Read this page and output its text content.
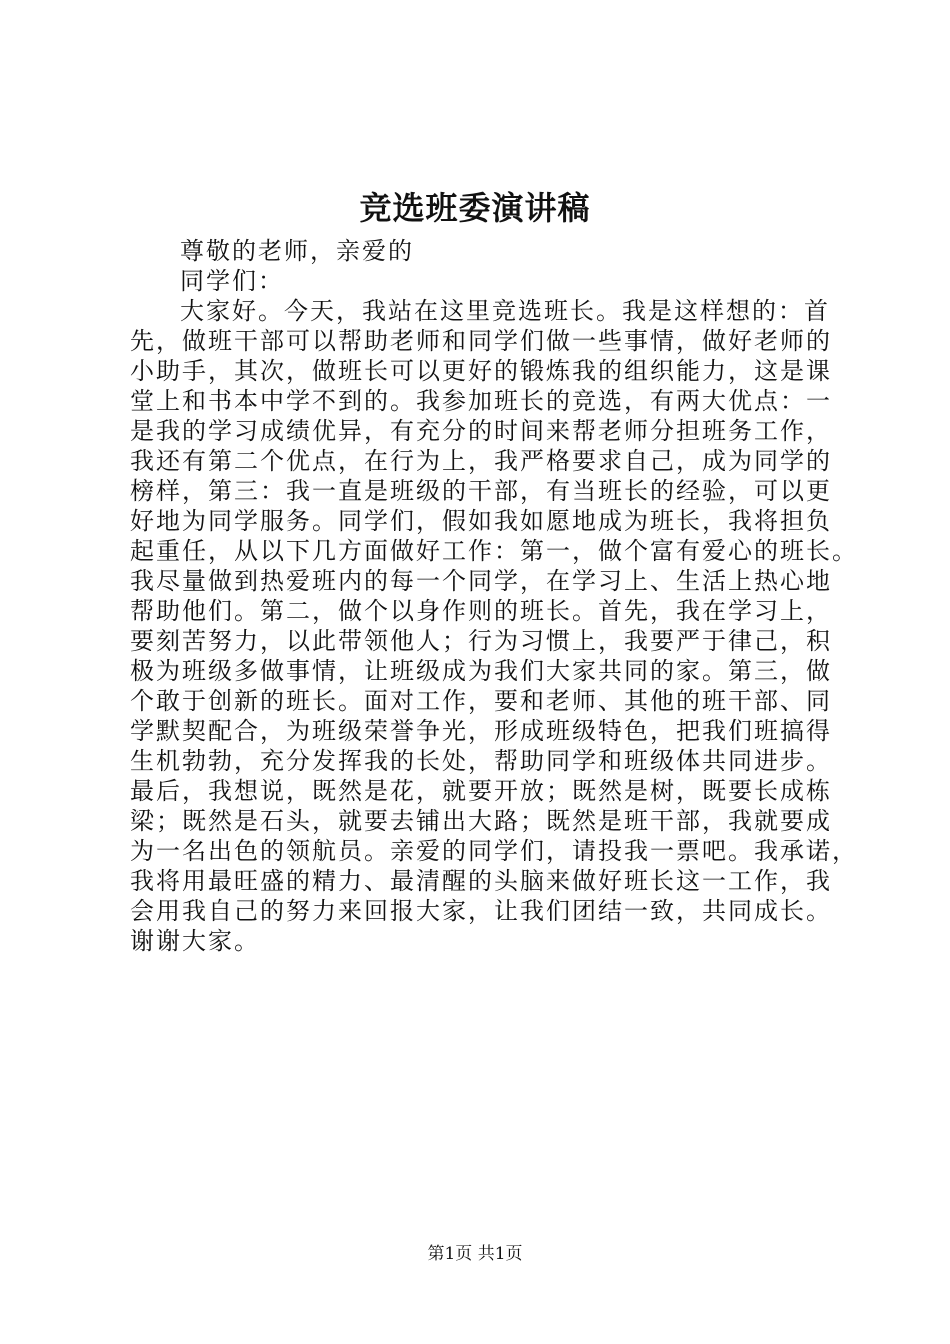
竞选班委演讲稿
尊敬的老师，亲爱的
同学们：
大家好。今天，我站在这里竞选班长。我是这样想的：首
先，做班干部可以帮助老师和同学们做一些事情，做好老师的
小助手，其次，做班长可以更好的锻炼我的组织能力，这是课
堂上和书本中学不到的。我参加班长的竞选，有两大优点：一
是我的学习成绩优异，有充分的时间来帮老师分担班务工作，
我还有第二个优点，在行为上，我严格要求自己，成为同学的
榜样，第三：我一直是班级的干部，有当班长的经验，可以更
好地为同学服务。同学们，假如我如愿地成为班长，我将担负
起重任，从以下几方面做好工作：第一，做个富有爱心的班长。
我尽量做到热爱班内的每一个同学，在学习上、生活上热心地
帮助他们。第二，做个以身作则的班长。首先，我在学习上，
要刻苦努力，以此带领他人；行为习惯上，我要严于律己，积
极为班级多做事情，让班级成为我们大家共同的家。第三，做
个敢于创新的班长。面对工作，要和老师、其他的班干部、同
学默契配合，为班级荣誉争光，形成班级特色，把我们班搞得
生机勃勃，充分发挥我的长处，帮助同学和班级体共同进步。
最后，我想说，既然是花，就要开放；既然是树，既要长成栋
梁；既然是石头，就要去铺出大路；既然是班干部，我就要成
为一名出色的领航员。亲爱的同学们，请投我一票吧。我承诺，
我将用最旺盛的精力、最清醒的头脑来做好班长这一工作，我
会用我自己的努力来回报大家，让我们团结一致，共同成长。
谢谢大家。
第1页 共1页
